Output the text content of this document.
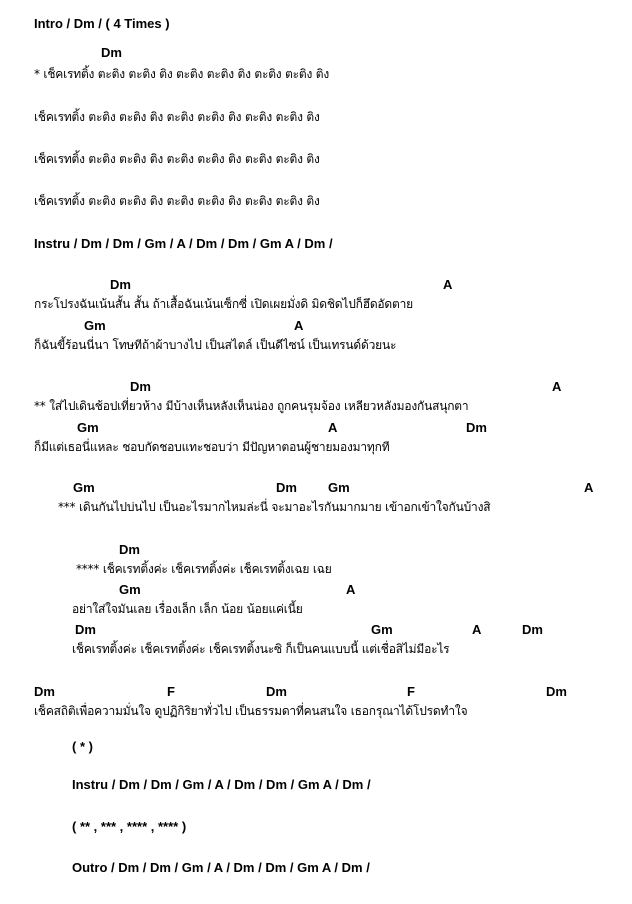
Intro / Dm / ( 4 Times )
Dm
* เช็คเรทติ้ง ตะติง ตะติง ติง ตะติง ตะติง ติง ตะติง ตะติง ติง
เช็คเรทติ้ง ตะติง ตะติง ติง ตะติง ตะติง ติง ตะติง ตะติง ติง
เช็คเรทติ้ง ตะติง ตะติง ติง ตะติง ตะติง ติง ตะติง ตะติง ติง
เช็คเรทติ้ง ตะติง ตะติง ติง ตะติง ตะติง ติง ตะติง ตะติง ติง
Instru / Dm / Dm / Gm / A / Dm / Dm / Gm A / Dm /
Dm	A
กระโปรงฉันเน้นสั้น สั้น ถ้าเสื้อฉันเน้นเซ็กซี่ เปิดเผยมั่งดิ มิดชิดไปก็ฮึดอัดตาย
Gm	A
ก็ฉันขี้ร้อนนี่นา โทษทีถ้าผ้าบางไป เป็นสไตล์ เป็นดีไซน์ เป็นเทรนด์ด้วยนะ
Dm	A
** ใส่ไปเดินช้อปเที่ยวห้าง มีบ้างเห็นหลังเห็นน่อง ถูกคนรุมจ้อง เหลียวหลังมองกันสนุกตา
Gm	A	Dm
ก็มีแต่เธอนี่แหละ ชอบกัดชอบแทะชอบว่า มีปัญหาตอนผู้ชายมองมาทุกที
Gm	Dm Gm	A
*** เดินกันไปบ่นไป เป็นอะไรมากไหมล่ะนี่ จะมาอะไรกันมากมาย เข้าอกเข้าใจกันบ้างสิ
Dm
**** เช็คเรทติ้งค่ะ เช็คเรทติ้งค่ะ เช็คเรทติ้งเฉย เฉย
Gm	A
อย่าใส่ใจมันเลย เรื่องเล็ก เล็ก น้อย น้อยแค่เนี้ย
Dm	Gm	A	Dm
เช็คเรทติ้งค่ะ เช็คเรทติ้งค่ะ เช็คเรทติ้งนะซิ ก็เป็นคนแบบนี้ แต่เชื่อสิไม่มีอะไร
Dm	F	Dm	F	Dm
เช็คสถิติเพื่อความมั่นใจ ดูปฏิกิริยาทั่วไป เป็นธรรมดาที่คนสนใจ เธอกรุณาได้โปรดทำใจ
( * )
Instru / Dm / Dm / Gm / A / Dm / Dm / Gm A / Dm /
( ** , *** , **** , **** )
Outro / Dm / Dm / Gm / A / Dm / Dm / Gm A / Dm /
